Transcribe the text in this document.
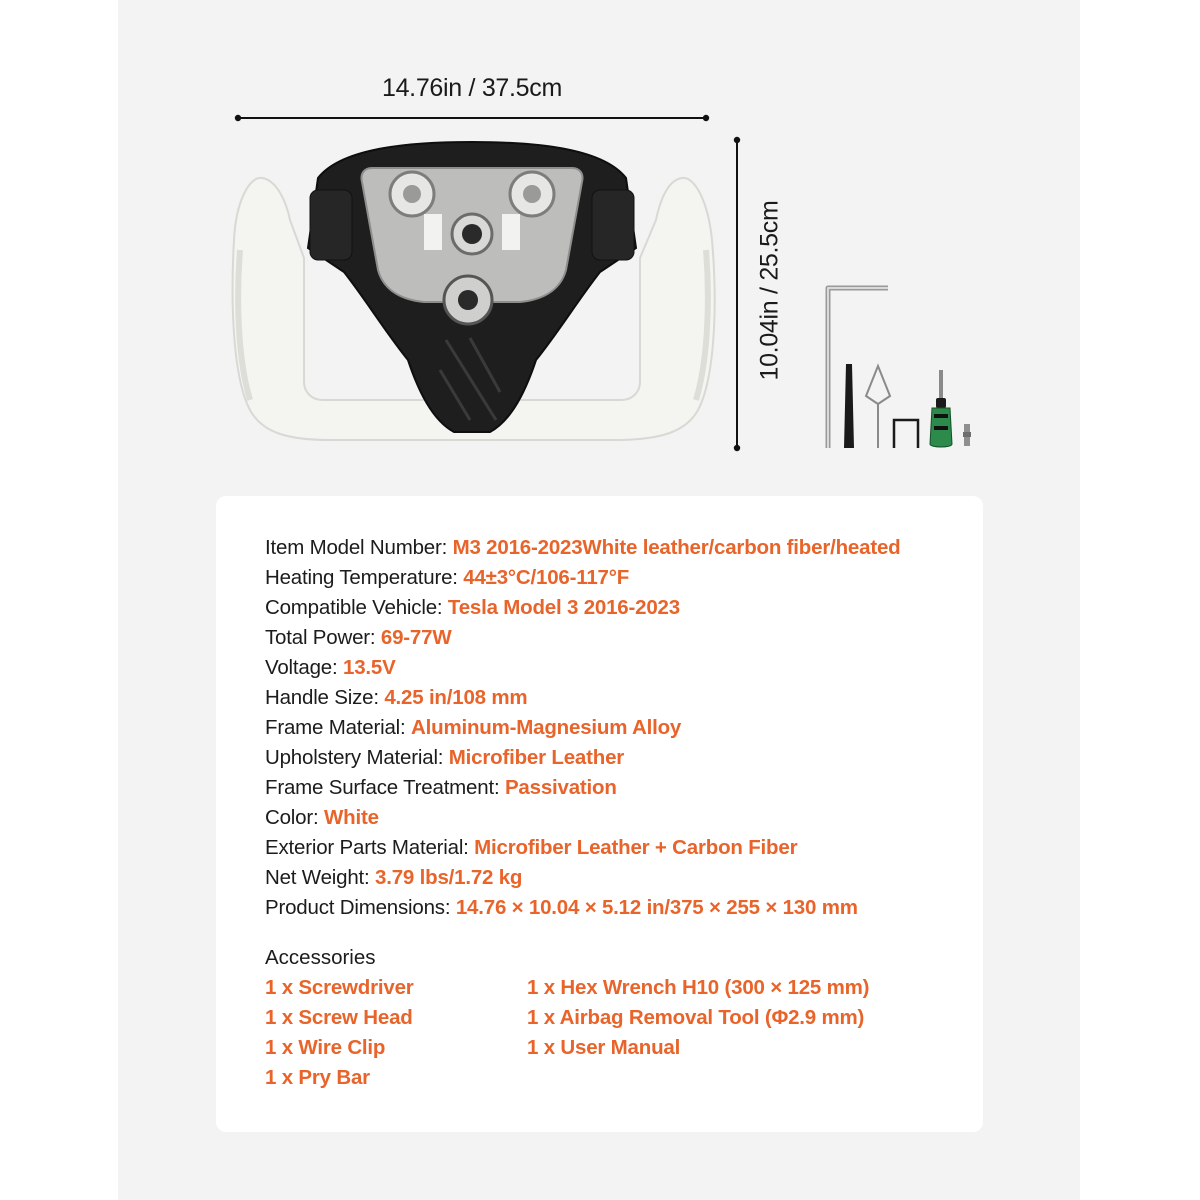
14.76in / 37.5cm
10.04in / 25.5cm
Item Model Number: M3 2016-2023White leather/carbon fiber/heated
Heating Temperature: 44±3°C/106-117°F
Compatible Vehicle: Tesla Model 3 2016-2023
Total Power: 69-77W
Voltage: 13.5V
Handle Size: 4.25 in/108 mm
Frame Material: Aluminum-Magnesium Alloy
Upholstery Material: Microfiber Leather
Frame Surface Treatment: Passivation
Color: White
Exterior Parts Material: Microfiber Leather + Carbon Fiber
Net Weight: 3.79 lbs/1.72 kg
Product Dimensions: 14.76 × 10.04 × 5.12 in/375 × 255 × 130 mm
Accessories
1 x Screwdriver
1 x Screw Head
1 x Wire Clip
1 x Pry Bar
1 x Hex Wrench H10 (300 × 125 mm)
1 x Airbag Removal Tool (Φ2.9 mm)
1 x User Manual
